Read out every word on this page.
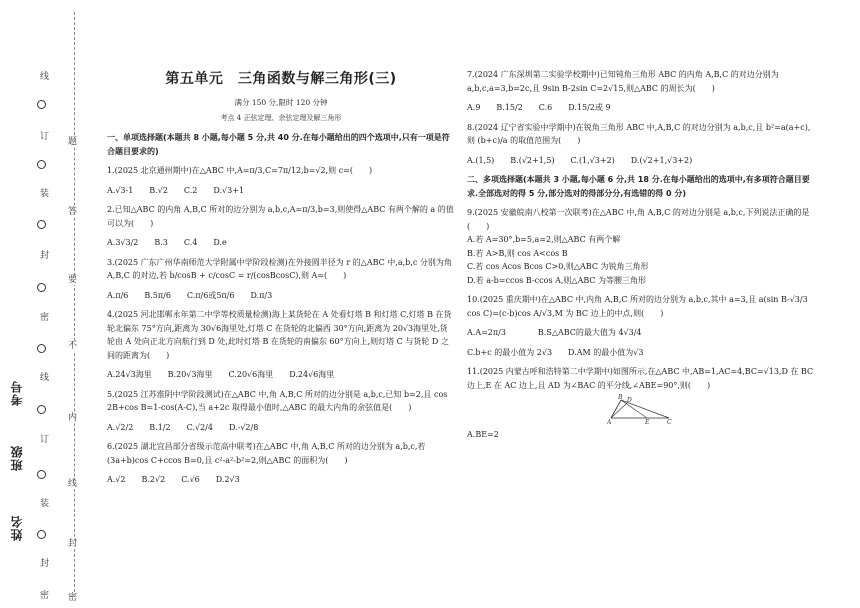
线
订
装
封
密
线
订
装
封
密
题
答
要
不
内
线
封
密
考号
班级
姓名
第五单元　三角函数与解三角形(三)
满分 150 分,限时 120 分钟
考点 4 正弦定理、余弦定理及解三角形

一、单项选择题(本题共 8 小题,每小题 5 分,共 40 分.在每小题给出的四个选项中,只有一项是符合题目要求的)

1.(2025 北京通州期中)在△ABC 中,A=π/3,C=7π/12,b=√2,则 c=(　　)

A.√3-1　　B.√2　　C.2　　D.√3+1

2.已知△ABC 的内角 A,B,C 所对的边分别为 a,b,c,A=π/3,b=3,则使得△ABC 有两个解的 a 的值可以为(　　)

A.3√3/2　　B.3　　C.4　　D.e

3.(2025 广东广州华南师范大学附属中学阶段检测)在外接圆半径为 r 的△ABC 中,a,b,c 分别为角 A,B,C 的对边,若 b/cosB + c/cosC = r/(cosBcosC),则 A=(　　)

A.π/6　　B.5π/6　　C.π/6或5π/6　　D.π/3

4.(2025 河北邯郸永年第二中学等校质量检测)海上某货轮在 A 处看灯塔 B 和灯塔 C,灯塔 B 在货轮北偏东 75°方向,距离为 30√6海里处,灯塔 C 在货轮的北偏西 30°方向,距离为 20√3海里处,货轮由 A 处向正北方向航行到 D 处,此时灯塔 B 在货轮的南偏东 60°方向上,则灯塔 C 与货轮 D 之间的距离为(　　)

A.24√3海里　　B.20√3海里　　C.20√6海里　　D.24√6海里

5.(2025 江苏淮阴中学阶段测试)在△ABC 中,角 A,B,C 所对的边分别是 a,b,c,已知 b=2,且 cos 2B+cos B=1-cos(A-C),当 a+2c 取得最小值时,△ABC 的最大内角的余弦值是(　　)

A.√2/2　　B.1/2　　C.√2/4　　D.-√2/8

6.(2025 湖北宜昌部分省级示范高中联考)在△ABC 中,角 A,B,C 所对的边分别为 a,b,c,若(3a+b)cos C+ccos B=0,且 c²-a²-b²=2,则△ABC 的面积为(　　)

A.√2　　B.2√2　　C.√6　　D.2√3

7.(2024 广东深圳第二实验学校期中)已知钝角三角形 ABC 的内角 A,B,C 的对边分别为 a,b,c,a=3,b=2c,且 9sin B-2sin C=2√15,则△ABC 的周长为(　　)

A.9　　B.15/2　　C.6　　D.15/2或 9

8.(2024 辽宁省实验中学期中)在锐角三角形 ABC 中,A,B,C 的对边分别为 a,b,c,且 b²=a(a+c),则 (b+c)/a 的取值范围为(　　)

A.(1,5)　　B.(√2+1,5)　　C.(1,√3+2)　　D.(√2+1,√3+2)

二、多项选择题(本题共 3 小题,每小题 6 分,共 18 分.在每小题给出的选项中,有多项符合题目要求.全部选对的得 5 分,部分选对的得部分分,有选错的得 0 分)

9.(2025 安徽皖南八校第一次联考)在△ABC 中,角 A,B,C 的对边分别是 a,b,c,下列说法正确的是(　　)

A.若 A=30°,b=5,a=2,则△ABC 有两个解

B.若 A>B,则 cos A<cos B

C.若 cos Acos Bcos C>0,则△ABC 为锐角三角形

D.若 a-b=ccos B-ccos A,则△ABC 为等腰三角形

10.(2025 重庆期中)在△ABC 中,内角 A,B,C 所对的边分别为 a,b,c,其中 a=3,且 a(sin B-√3/3 cos C)=(c-b)cos A/√3,M 为 BC 边上的中点,则(　　)

A.A=2π/3　　　　B.S△ABC的最大值为 4√3/4

C.b+c 的最小值为 2√3　　D.AM 的最小值为√3

11.(2025 内蒙古呼和浩特第二中学期中)如图所示,在△ABC 中,AB=1,AC=4,BC=√13,D 在 BC 边上,E 在 AC 边上,且 AD 为∠BAC 的平分线,∠ABE=90°,则(　　)

A
B
C
D
E

A.BE=2
